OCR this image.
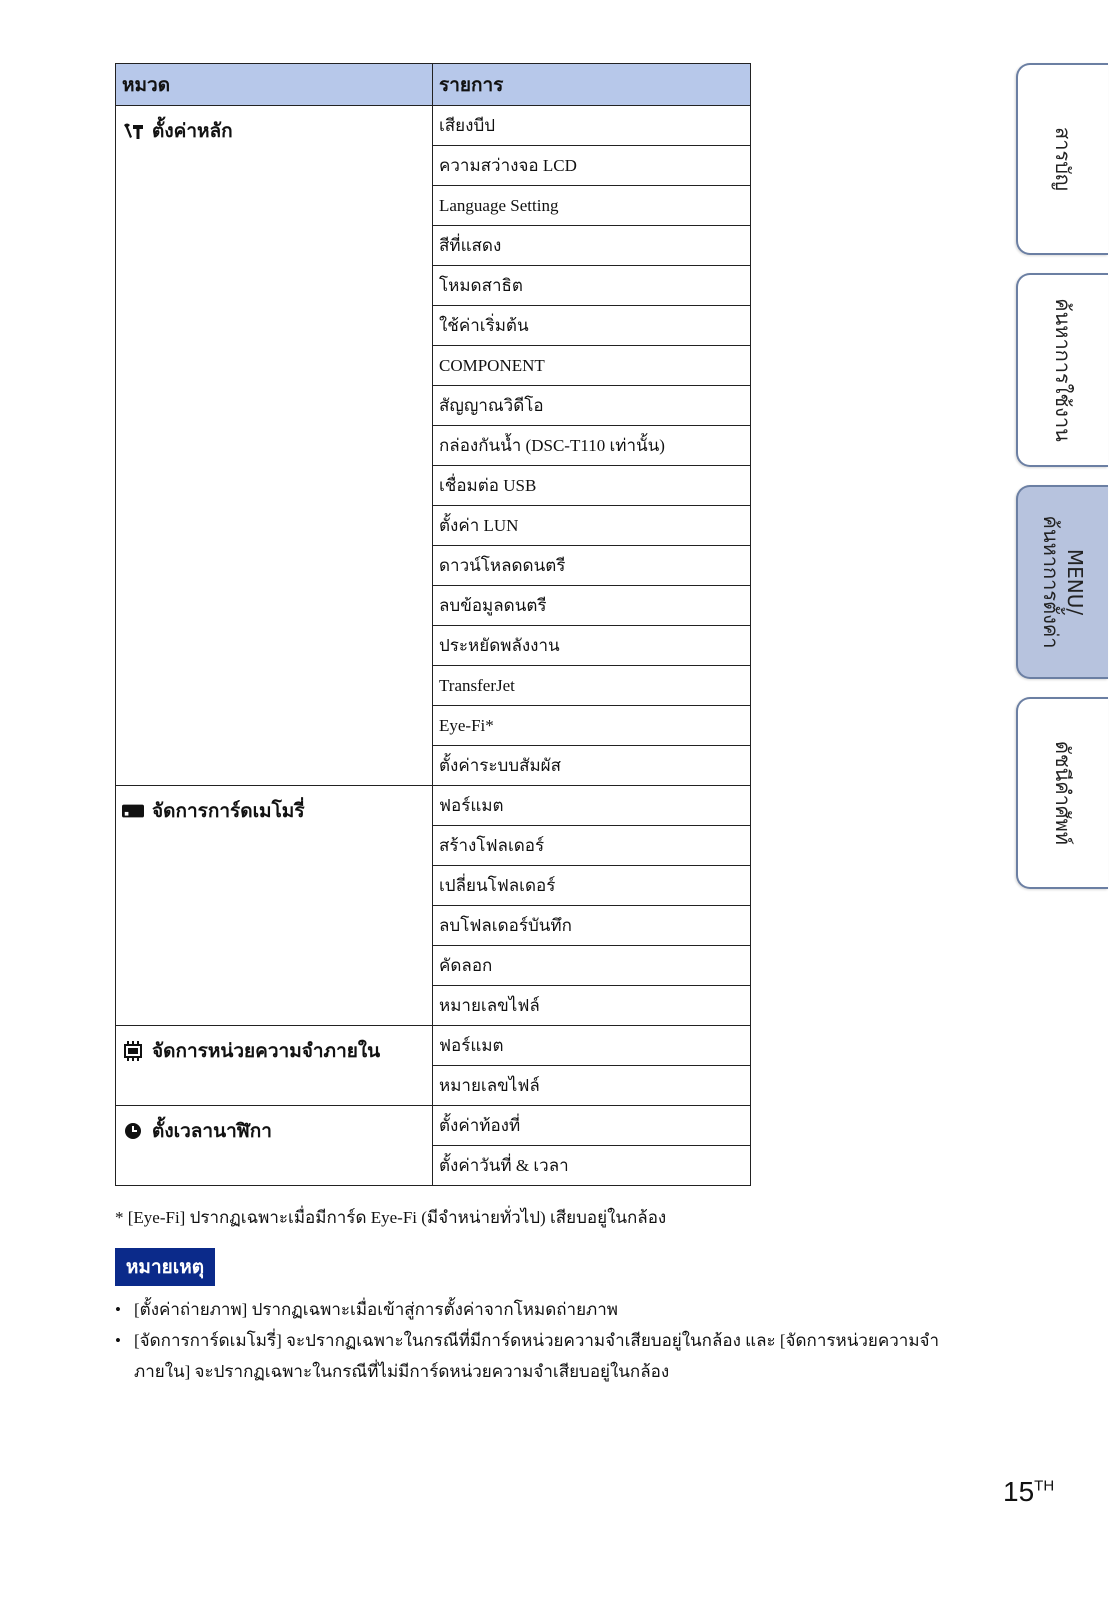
หมวด	รายการ

ตั้งค่าหลัก	เสียงบีป
	ความสว่างจอ LCD
	Language Setting
	สีที่แสดง
	โหมดสาธิต
	ใช้ค่าเริ่มต้น
	COMPONENT
	สัญญาณวิดีโอ
	กล่องกันน้ำ (DSC-T110 เท่านั้น)
	เชื่อมต่อ USB
	ตั้งค่า LUN
	ดาวน์โหลดดนตรี
	ลบข้อมูลดนตรี
	ประหยัดพลังงาน
	TransferJet
	Eye-Fi*
	ตั้งค่าระบบสัมผัส

จัดการการ์ดเมโมรี่	ฟอร์แมต
	สร้างโฟลเดอร์
	เปลี่ยนโฟลเดอร์
	ลบโฟลเดอร์บันทึก
	คัดลอก
	หมายเลขไฟล์

จัดการหน่วยความจำภายใน	ฟอร์แมต
	หมายเลขไฟล์

ตั้งเวลานาฬิกา	ตั้งค่าท้องที่
	ตั้งค่าวันที่ & เวลา
* [Eye-Fi] ปรากฏเฉพาะเมื่อมีการ์ด Eye-Fi (มีจำหน่ายทั่วไป) เสียบอยู่ในกล้อง
หมายเหตุ
• [ตั้งค่าถ่ายภาพ] ปรากฏเฉพาะเมื่อเข้าสู่การตั้งค่าจากโหมดถ่ายภาพ
• [จัดการการ์ดเมโมรี่] จะปรากฏเฉพาะในกรณีที่มีการ์ดหน่วยความจำเสียบอยู่ในกล้อง และ [จัดการหน่วยความจำภายใน] จะปรากฏเฉพาะในกรณีที่ไม่มีการ์ดหน่วยความจำเสียบอยู่ในกล้อง
สารบัญ
ค้นหาการใช้งาน
MENU/
ค้นหาการตั้งค่า
ดัชนีคำศัพท์
15TH
